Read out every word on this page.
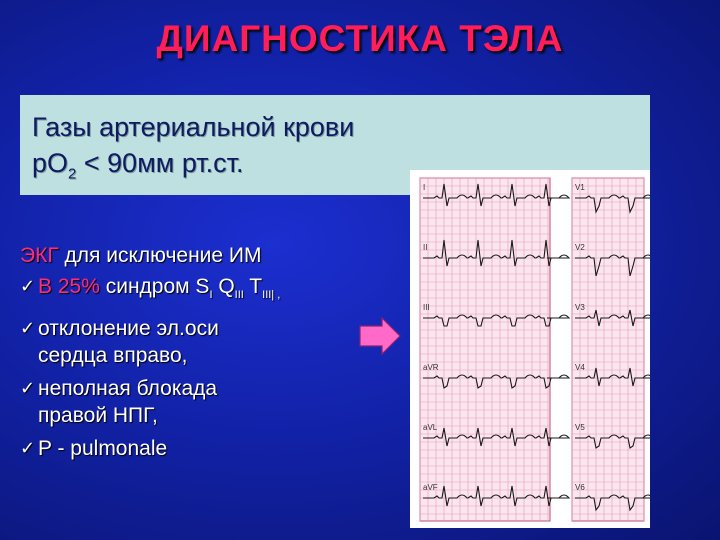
ДИАГНОСТИКА ТЭЛА
Газы артериальной крови
$рO_2 < 90мм$ рт.ст.
I
II
III
aVR
aVL
aVF
V1
V2
V3
V4
V5
V6
ЭКГ для исключение ИМ
✓ В 25% синдром $S_I$ $Q_{III}$ $T_{III| ,}$
✓ отклонение эл.оси
сердца вправо,
✓ неполная блокада
правой НПГ,
✓ P - pulmonale
